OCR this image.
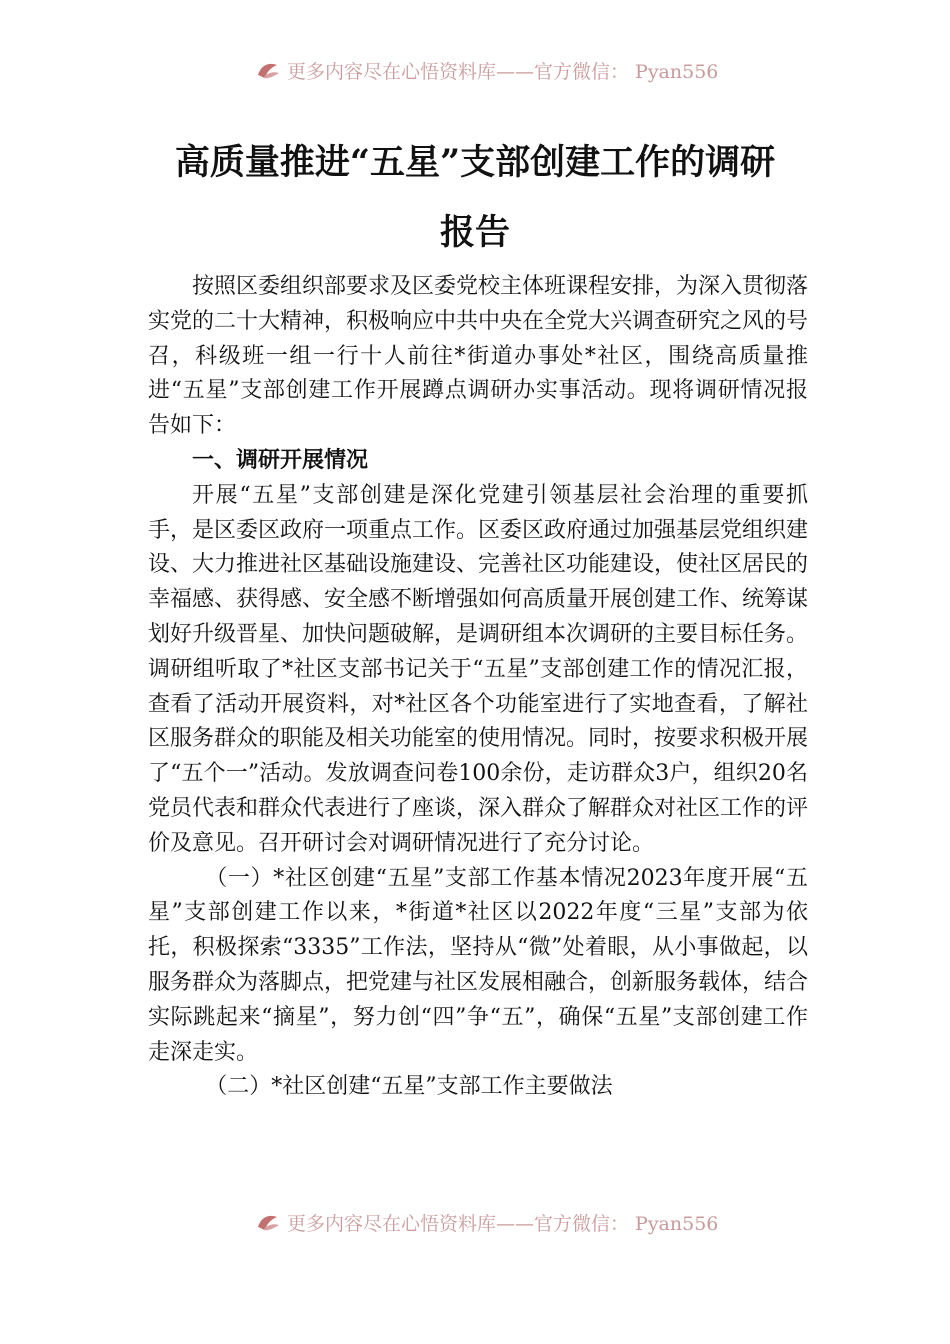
更多内容尽在心悟资料库——官方微信： Pyan556
高质量推进“五星”支部创建工作的调研
报告

按照区委组织部要求及区委党校主体班课程安排，为深入贯彻落实党的二十大精神，积极响应中共中央在全党大兴调查研究之风的号召，科级班一组一行十人前往*街道办事处*社区，围绕高质量推进“五星”支部创建工作开展蹲点调研办实事活动。现将调研情况报告如下：

一、调研开展情况

开展“五星”支部创建是深化党建引领基层社会治理的重要抓手，是区委区政府一项重点工作。区委区政府通过加强基层党组织建设、大力推进社区基础设施建设、完善社区功能建设，使社区居民的幸福感、获得感、安全感不断增强如何高质量开展创建工作、统筹谋划好升级晋星、加快问题破解，是调研组本次调研的主要目标任务。调研组听取了*社区支部书记关于“五星”支部创建工作的情况汇报，查看了活动开展资料，对*社区各个功能室进行了实地查看，了解社区服务群众的职能及相关功能室的使用情况。同时，按要求积极开展了“五个一”活动。发放调查问卷100余份，走访群众3户，组织20名党员代表和群众代表进行了座谈，深入群众了解群众对社区工作的评价及意见。召开研讨会对调研情况进行了充分讨论。

（一）*社区创建“五星”支部工作基本情况2023年度开展“五星”支部创建工作以来，*街道*社区以2022年度“三星”支部为依托，积极探索“3335”工作法，坚持从“微”处着眼，从小事做起，以服务群众为落脚点，把党建与社区发展相融合，创新服务载体，结合实际跳起来“摘星”，努力创“四”争“五”，确保“五星”支部创建工作走深走实。

（二）*社区创建“五星”支部工作主要做法

更多内容尽在心悟资料库——官方微信： Pyan556
